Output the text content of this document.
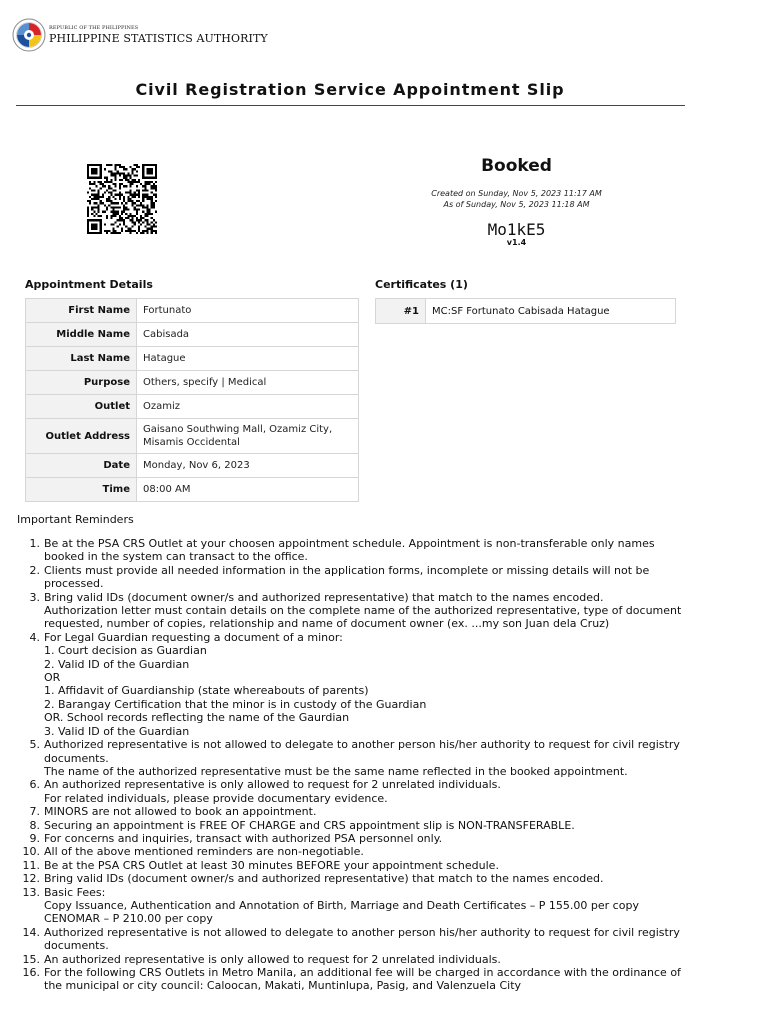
REPUBLIC OF THE PHILIPPINES
PHILIPPINE STATISTICS AUTHORITY
Civil Registration Service Appointment Slip
Booked
Created on Sunday, Nov 5, 2023 11:17 AM
As of Sunday, Nov 5, 2023 11:18 AM
Mo1kE5
v1.4
Appointment Details	Certificates (1)
First Name	Fortunato
Middle Name	Cabisada
Last Name	Hatague
Purpose	Others, specify | Medical
Outlet	Ozamiz
Outlet Address	Gaisano Southwing Mall, Ozamiz City, Misamis Occidental
Date	Monday, Nov 6, 2023
Time	08:00 AM
#1	MC:SF Fortunato Cabisada Hatague
Important Reminders
1. Be at the PSA CRS Outlet at your choosen appointment schedule. Appointment is non-transferable only names
booked in the system can transact to the office.
2. Clients must provide all needed information in the application forms, incomplete or missing details will not be
processed.
3. Bring valid IDs (document owner/s and authorized representative) that match to the names encoded.
Authorization letter must contain details on the complete name of the authorized representative, type of document
requested, number of copies, relationship and name of document owner (ex. ...my son Juan dela Cruz)
4. For Legal Guardian requesting a document of a minor:
1. Court decision as Guardian
2. Valid ID of the Guardian
OR
1. Affidavit of Guardianship (state whereabouts of parents)
2. Barangay Certification that the minor is in custody of the Guardian
OR. School records reflecting the name of the Gaurdian
3. Valid ID of the Guardian
5. Authorized representative is not allowed to delegate to another person his/her authority to request for civil registry
documents.
The name of the authorized representative must be the same name reflected in the booked appointment.
6. An authorized representative is only allowed to request for 2 unrelated individuals.
For related individuals, please provide documentary evidence.
7. MINORS are not allowed to book an appointment.
8. Securing an appointment is FREE OF CHARGE and CRS appointment slip is NON-TRANSFERABLE.
9. For concerns and inquiries, transact with authorized PSA personnel only.
10. All of the above mentioned reminders are non-negotiable.
11. Be at the PSA CRS Outlet at least 30 minutes BEFORE your appointment schedule.
12. Bring valid IDs (document owner/s and authorized representative) that match to the names encoded.
13. Basic Fees:
Copy Issuance, Authentication and Annotation of Birth, Marriage and Death Certificates – P 155.00 per copy
CENOMAR – P 210.00 per copy
14. Authorized representative is not allowed to delegate to another person his/her authority to request for civil registry
documents.
15. An authorized representative is only allowed to request for 2 unrelated individuals.
16. For the following CRS Outlets in Metro Manila, an additional fee will be charged in accordance with the ordinance of
the municipal or city council: Caloocan, Makati, Muntinlupa, Pasig, and Valenzuela City
